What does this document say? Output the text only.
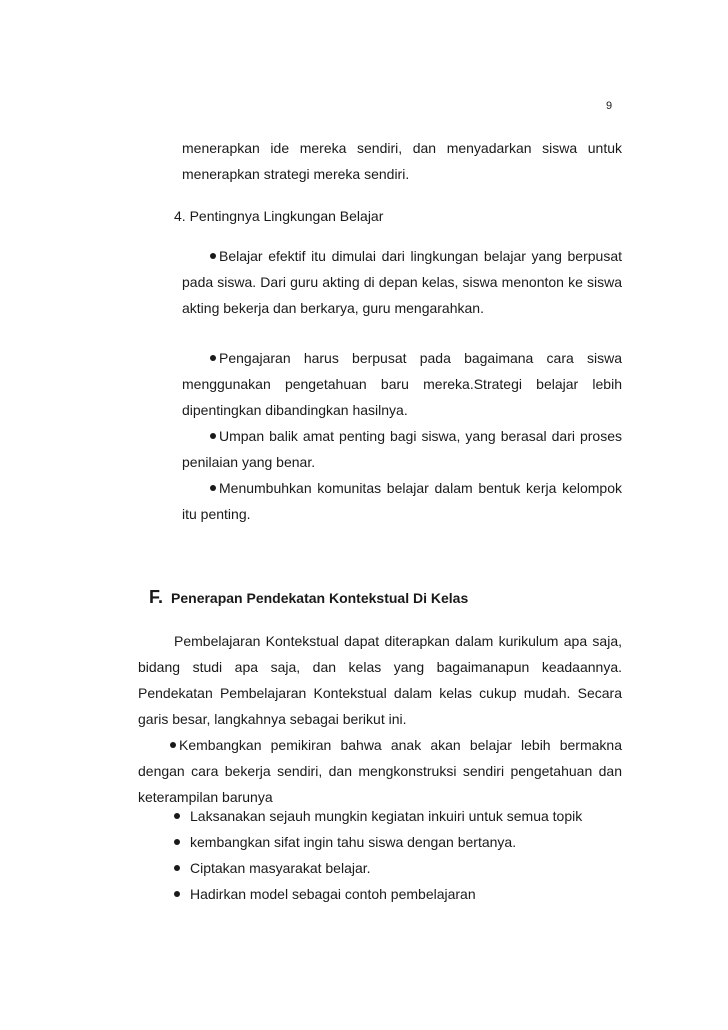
9
menerapkan ide mereka sendiri, dan menyadarkan siswa untuk menerapkan strategi mereka sendiri.
4. Pentingnya Lingkungan Belajar
Belajar efektif itu dimulai dari lingkungan belajar yang berpusat pada siswa. Dari guru akting di depan kelas, siswa menonton ke siswa akting bekerja dan berkarya, guru mengarahkan.
Pengajaran harus berpusat pada bagaimana cara siswa menggunakan pengetahuan baru mereka.Strategi belajar lebih dipentingkan dibandingkan hasilnya.
Umpan balik amat penting bagi siswa, yang berasal dari proses penilaian yang benar.
Menumbuhkan komunitas belajar dalam bentuk kerja kelompok itu penting.
F. Penerapan Pendekatan Kontekstual Di Kelas
Pembelajaran Kontekstual dapat diterapkan dalam kurikulum apa saja, bidang studi apa saja, dan kelas yang bagaimanapun keadaannya. Pendekatan Pembelajaran Kontekstual dalam kelas cukup mudah. Secara garis besar, langkahnya sebagai berikut ini.
Kembangkan pemikiran bahwa anak akan belajar lebih bermakna dengan cara bekerja sendiri, dan mengkonstruksi sendiri pengetahuan dan keterampilan barunya
Laksanakan sejauh mungkin kegiatan inkuiri untuk semua topik
kembangkan sifat ingin tahu siswa dengan bertanya.
Ciptakan masyarakat belajar.
Hadirkan model sebagai contoh pembelajaran
